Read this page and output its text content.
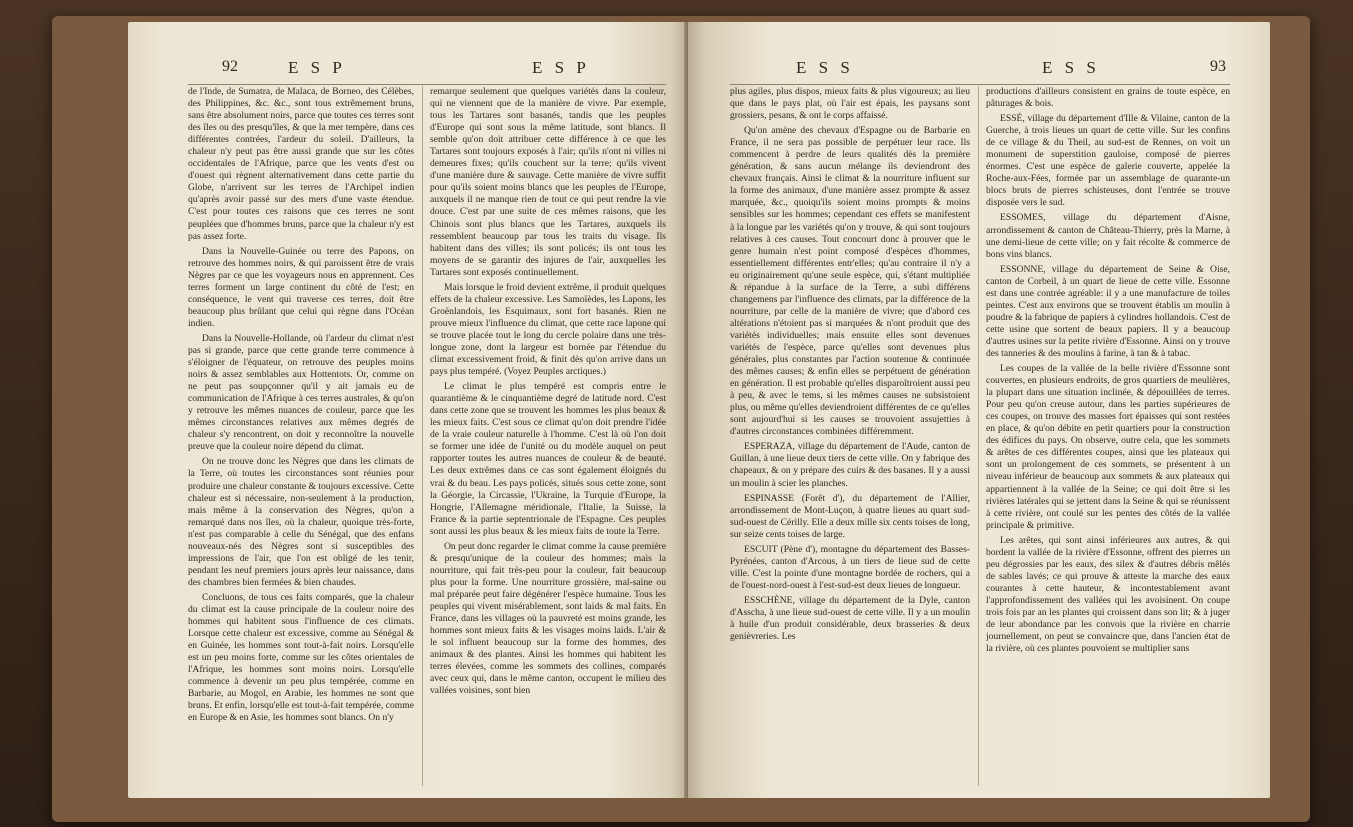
92	E S P	E S P

de l'Inde, de Sumatra, de Malaca, de Borneo, des Célèbes, des Philippines, &c. &c., sont tous extrêmement bruns, sans être absolument noirs, parce que toutes ces terres sont des îles ou des presqu'îles, & que la mer tempère, dans ces différentes contrées, l'ardeur du soleil. D'ailleurs, la chaleur n'y peut pas être aussi grande que sur les côtes occidentales de l'Afrique, parce que les vents d'est ou d'ouest qui règnent alternativement dans cette partie du Globe, n'arrivent sur les terres de l'Archipel indien qu'après avoir passé sur des mers d'une vaste étendue. C'est pour toutes ces raisons que ces terres ne sont peuplées que d'hommes bruns, parce que la chaleur n'y est pas assez forte.

Dans la Nouvelle-Guinée ou terre des Papons, on retrouve des hommes noirs, & qui paroissent être de vrais Nègres par ce que les voyageurs nous en apprennent. Ces terres forment un large continent du côté de l'est; en conséquence, le vent qui traverse ces terres, doit être beaucoup plus brûlant que celui qui règne dans l'Océan indien.

Dans la Nouvelle-Hollande, où l'ardeur du climat n'est pas si grande, parce que cette grande terre commence à s'éloigner de l'équateur, on retrouve des peuples moins noirs & assez semblables aux Hottentots. Or, comme on ne peut pas soupçonner qu'il y ait jamais eu de communication de l'Afrique à ces terres australes, & qu'on y retrouve les mêmes nuances de couleur, parce que les mêmes circonstances relatives aux mêmes degrés de chaleur s'y rencontrent, on doit y reconnoître la nouvelle preuve que la couleur noire dépend du climat.

On ne trouve donc les Nègres que dans les climats de la Terre, où toutes les circonstances sont réunies pour produire une chaleur constante & toujours excessive. Cette chaleur est si nécessaire, non-seulement à la production, mais même à la conservation des Nègres, qu'on a remarqué dans nos îles, où la chaleur, quoique très-forte, n'est pas comparable à celle du Sénégal, que des enfans nouveaux-nés des Nègres sont si susceptibles des impressions de l'air, que l'on est obligé de les tenir, pendant les neuf premiers jours après leur naissance, dans des chambres bien fermées & bien chaudes.

Concluons, de tous ces faits comparés, que la chaleur du climat est la cause principale de la couleur noire des hommes qui habitent sous l'influence de ces climats. Lorsque cette chaleur est excessive, comme au Sénégal & en Guinée, les hommes sont tout-à-fait noirs. Lorsqu'elle est un peu moins forte, comme sur les côtes orientales de l'Afrique, les hommes sont moins noirs. Lorsqu'elle commence à devenir un peu plus tempérée, comme en Barbarie, au Mogol, en Arabie, les hommes ne sont que bruns. Et enfin, lorsqu'elle est tout-à-fait tempérée, comme en Europe & en Asie, les hommes sont blancs. On n'y

remarque seulement que quelques variétés dans la couleur, qui ne viennent que de la manière de vivre. Par exemple, tous les Tartares sont basanés, tandis que les peuples d'Europe qui sont sous la même latitude, sont blancs. Il semble qu'on doit attribuer cette différence à ce que les Tartares sont toujours exposés à l'air; qu'ils n'ont ni villes ni demeures fixes; qu'ils couchent sur la terre; qu'ils vivent d'une manière dure & sauvage. Cette manière de vivre suffit pour qu'ils soient moins blancs que les peuples de l'Europe, auxquels il ne manque rien de tout ce qui peut rendre la vie douce. C'est par une suite de ces mêmes raisons, que les Chinois sont plus blancs que les Tartares, auxquels ils ressemblent beaucoup par tous les traits du visage. Ils habitent dans des villes; ils sont policés; ils ont tous les moyens de se garantir des injures de l'air, auxquelles les Tartares sont exposés continuellement.

Mais lorsque le froid devient extrême, il produit quelques effets de la chaleur excessive. Les Samoïèdes, les Lapons, les Groënlandois, les Esquimaux, sont fort basanés. Rien ne prouve mieux l'influence du climat, que cette race lapone qui se trouve placée tout le long du cercle polaire dans une très-longue zone, dont la largeur est bornée par l'étendue du climat excessivement froid, & finit dès qu'on arrive dans un pays plus tempéré. (Voyez Peuples arctiques.)

Le climat le plus tempéré est compris entre le quarantième & le cinquantième degré de latitude nord. C'est dans cette zone que se trouvent les hommes les plus beaux & les mieux faits. C'est sous ce climat qu'on doit prendre l'idée de la vraie couleur naturelle à l'homme. C'est là où l'on doit se former une idée de l'unité ou du modèle auquel on peut rapporter toutes les autres nuances de couleur & de beauté. Les deux extrêmes dans ce cas sont également éloignés du vrai & du beau. Les pays policés, situés sous cette zone, sont la Géorgie, la Circassie, l'Ukraine, la Turquie d'Europe, la Hongrie, l'Allemagne méridionale, l'Italie, la Suisse, la France & la partie septentrionale de l'Espagne. Ces peuples sont aussi les plus beaux & les mieux faits de toute la Terre.

On peut donc regarder le climat comme la cause première & presqu'unique de la couleur des hommes; mais la nourriture, qui fait très-peu pour la couleur, fait beaucoup plus pour la forme. Une nourriture grossière, mal-saine ou mal préparée peut faire dégénérer l'espèce humaine. Tous les peuples qui vivent misérablement, sont laids & mal faits. En France, dans les villages où la pauvreté est moins grande, les hommes sont mieux faits & les visages moins laids. L'air & le sol influent beaucoup sur la forme des hommes, des animaux & des plantes. Ainsi les hommes qui habitent les terres élevées, comme les sommets des collines, comparés avec ceux qui, dans le même canton, occupent le milieu des vallées voisines, sont bien

E S S	E S S	93

plus agiles, plus dispos, mieux faits & plus vigoureux; au lieu que dans le pays plat, où l'air est épais, les paysans sont grossiers, pesans, & ont le corps affaissé.

Qu'on amène des chevaux d'Espagne ou de Barbarie en France, il ne sera pas possible de perpétuer leur race. Ils commencent à perdre de leurs qualités dès la première génération, & sans aucun mélange ils deviendront des chevaux français. Ainsi le climat & la nourriture influent sur la forme des animaux, d'une manière assez prompte & assez marquée, &c., quoiqu'ils soient moins prompts & moins sensibles sur les hommes; cependant ces effets se manifestent à la longue par les variétés qu'on y trouve, & qui sont toujours relatives à ces causes. Tout concourt donc à prouver que le genre humain n'est point composé d'espèces d'hommes, essentiellement différentes entr'elles; qu'au contraire il n'y a eu originairement qu'une seule espèce, qui, s'étant multipliée & répandue à la surface de la Terre, a subi différens changemens par l'influence des climats, par la différence de la nourriture, par celle de la manière de vivre; que d'abord ces altérations n'étoient pas si marquées & n'ont produit que des variétés individuelles; mais ensuite elles sont devenues variétés de l'espèce, parce qu'elles sont devenues plus générales, plus constantes par l'action soutenue & continuée des mêmes causes; & enfin elles se perpétuent de génération en génération. Il est probable qu'elles disparoîtroient aussi peu à peu, & avec le tems, si les mêmes causes ne subsistoient plus, ou même qu'elles deviendroient différentes de ce qu'elles sont aujourd'hui si les causes se trouvoient assujetties à d'autres circonstances combinées différemment.

ESPERAZA, village du département de l'Aude, canton de Guillan, à une lieue deux tiers de cette ville. On y fabrique des chapeaux, & on y prépare des cuirs & des basanes. Il y a aussi un moulin à scier les planches.

ESPINASSE (Forêt d'), du département de l'Allier, arrondissement de Mont-Luçon, à quatre lieues au quart sud-sud-ouest de Cérilly. Elle a deux mille six cents toises de long, sur seize cents toises de large.

ESCUIT (Pène d'), montagne du département des Basses-Pyrénées, canton d'Arcous, à un tiers de lieue sud de cette ville. C'est la pointe d'une montagne bordée de rochers, qui a de l'ouest-nord-ouest à l'est-sud-est deux lieues de longueur.

ESSCHÈNE, village du département de la Dyle, canton d'Asscha, à une lieue sud-ouest de cette ville. Il y a un moulin à huile d'un produit considérable, deux brasseries & deux genièvreries. Les

productions d'ailleurs consistent en grains de toute espèce, en pâturages & bois.

ESSÉ, village du département d'Ille & Vilaine, canton de la Guerche, à trois lieues un quart de cette ville. Sur les confins de ce village & du Theil, au sud-est de Rennes, on voit un monument de superstition gauloise, composé de pierres énormes. C'est une espèce de galerie couverte, appelée la Roche-aux-Fées, formée par un assemblage de quarante-un blocs bruts de pierres schisteuses, dont l'entrée se trouve disposée vers le sud.

ESSOMES, village du département d'Aisne, arrondissement & canton de Château-Thierry, près la Marne, à une demi-lieue de cette ville; on y fait récolte & commerce de bons vins blancs.

ESSONNE, village du département de Seine & Oise, canton de Corbeil, à un quart de lieue de cette ville. Essonne est dans une contrée agréable: il y a une manufacture de toiles peintes. C'est aux environs que se trouvent établis un moulin à poudre & la fabrique de papiers à cylindres hollandois. C'est de cette usine que sortent de beaux papiers. Il y a beaucoup d'autres usines sur la petite rivière d'Essonne. Ainsi on y trouve des tanneries & des moulins à farine, à tan & à tabac.

Les coupes de la vallée de la belle rivière d'Essonne sont couvertes, en plusieurs endroits, de gros quartiers de meulières, la plupart dans une situation inclinée, & dépouillées de terres. Pour peu qu'on creuse autour, dans les parties supérieures de ces coupes, on trouve des masses fort épaisses qui sont restées en place, & qu'on débite en petit quartiers pour la construction des édifices du pays. On observe, outre cela, que les sommets & arêtes de ces différentes coupes, ainsi que les plateaux qui sont un prolongement de ces sommets, se présentent à un niveau inférieur de beaucoup aux sommets & aux plateaux qui appartiennent à la vallée de la Seine; ce qui doit être si les rivières latérales qui se jettent dans la Seine & qui se réunissent à cette rivière, ont coulé sur les pentes des côtés de la vallée principale & primitive.

Les arêtes, qui sont ainsi inférieures aux autres, & qui bordent la vallée de la rivière d'Essonne, offrent des pierres un peu dégrossies par les eaux, des silex & d'autres débris mêlés de sables lavés; ce qui prouve & atteste la marche des eaux courantes à cette hauteur, & incontestablement avant l'approfondissement des vallées qui les avoisinent. On coupe trois fois par an les plantes qui croissent dans son lit; & à juger de leur abondance par les convois que la rivière en charrie journellement, on peut se convaincre que, dans l'ancien état de la rivière, où ces plantes pouvoient se multiplier sans
